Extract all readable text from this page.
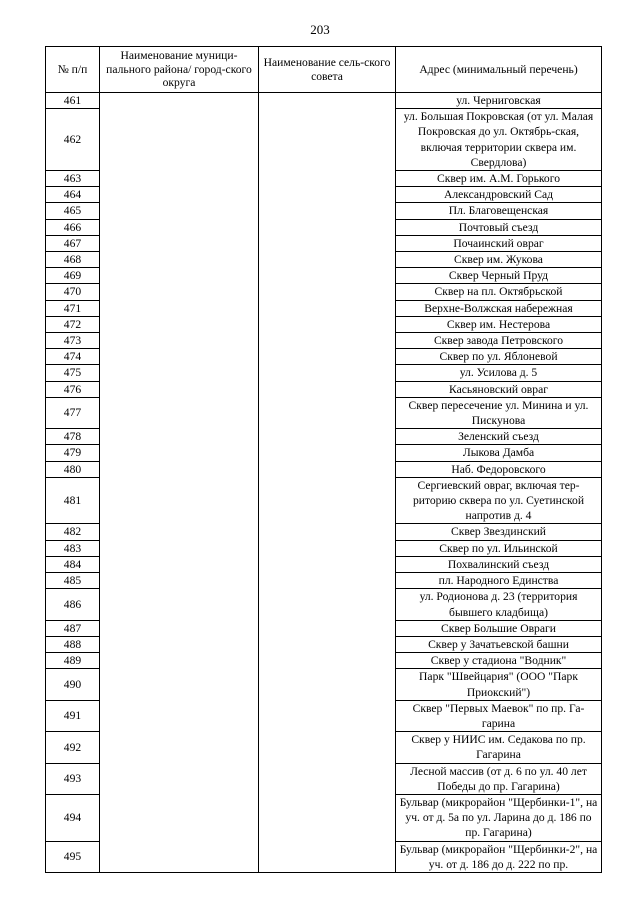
203
№ п/п	Наименование муници-пального района/ город-ского округа	Наименование сель-ского совета	Адрес (минимальный перечень)
461			ул. Черниговская
462			ул. Большая Покровская (от ул. Малая Покровская до ул. Октябрь-ская, включая территории сквера им. Свердлова)
463			Сквер им. А.М. Горького
464			Александровский Сад
465			Пл. Благовещенская
466			Почтовый съезд
467			Почаинский овраг
468			Сквер им. Жукова
469			Сквер Черный Пруд
470			Сквер на пл. Октябрьской
471			Верхне-Волжская набережная
472			Сквер им. Нестерова
473			Сквер завода Петровского
474			Сквер по ул. Яблоневой
475			ул. Усилова д. 5
476			Касьяновский овраг
477			Сквер пересечение ул. Минина и ул. Пискунова
478			Зеленский съезд
479			Лыкова Дамба
480			Наб. Федоровского
481			Сергиевский овраг, включая тер-риторию сквера по ул. Суетинской напротив д. 4
482			Сквер Звездинский
483			Сквер по ул. Ильинской
484			Похвалинский съезд
485			пл. Народного Единства
486			ул. Родионова д. 23 (территория бывшего кладбища)
487			Сквер Большие Овраги
488			Сквер у Зачатьевской башни
489			Сквер у стадиона "Водник"
490			Парк "Швейцария" (ООО "Парк Приокский")
491			Сквер "Первых Маевок" по пр. Га-гарина
492			Сквер у НИИС им. Седакова по пр. Гагарина
493			Лесной массив (от д. 6 по ул. 40 лет Победы до пр. Гагарина)
494			Бульвар (микрорайон "Щербинки-1", на уч. от д. 5а по ул. Ларина до д. 186 по пр. Гагарина)
495			Бульвар (микрорайон "Щербинки-2", на уч. от д. 186 до д. 222 по пр.
